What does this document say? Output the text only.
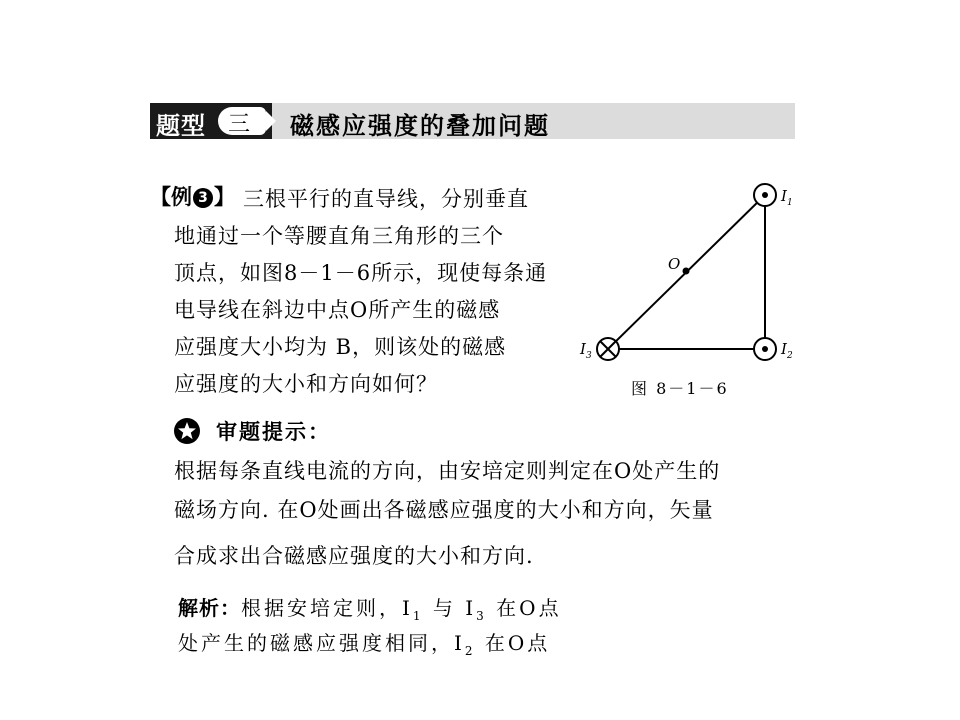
题型 三 磁感应强度的叠加问题
【例 3 】 三根平行的直导线，分别垂直
地通过一个等腰直角三角形的三个
顶点，如图8－1－6所示，现使每条通
电导线在斜边中点O所产生的磁感
应强度大小均为 B，则该处的磁感
应强度的大小和方向如何？
O
$I_1$
$I_2$
$I_3$
图 8－1－6
审题提示：
根据每条直线电流的方向，由安培定则判定在O处产生的
磁场方向. 在O处画出各磁感应强度的大小和方向，矢量
合成求出合磁感应强度的大小和方向.
解析：根据安培定则，$I_1$ 与 $I_3$ 在O点
处产生的磁感应强度相同，$I_2$ 在O点
